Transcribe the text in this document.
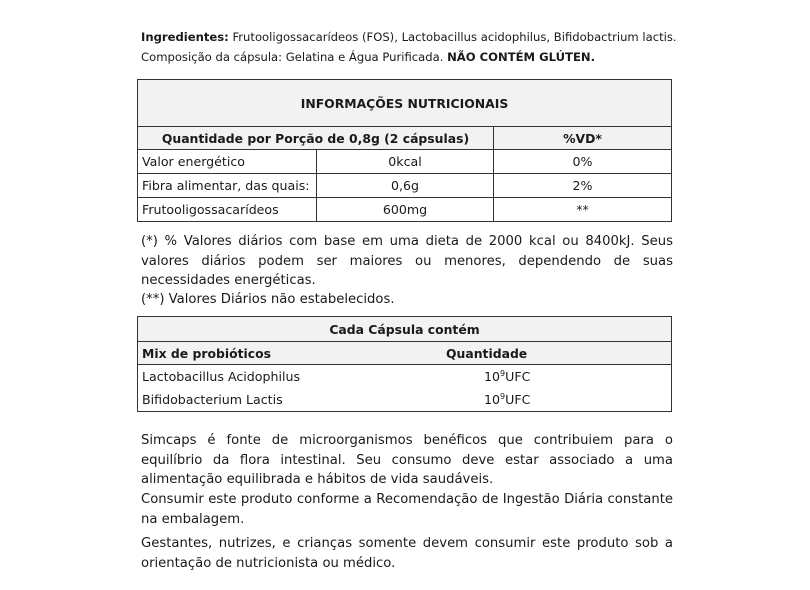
Ingredientes: Frutooligossacarídeos (FOS), Lactobacillus acidophilus, Bifidobactrium lactis.
Composição da cápsula: Gelatina e Água Purificada. NÃO CONTÉM GLÚTEN.
INFORMAÇÕES NUTRICIONAIS		
Quantidade por Porção de 0,8g (2 cápsulas)		%VD*
Valor energético	0kcal	0%
Fibra alimentar, das quais:	0,6g	2%
Frutooligossacarídeos	600mg	**
(*) % Valores diários com base em uma dieta de 2000 kcal ou 8400kJ. Seus valores diários podem ser maiores ou menores, dependendo de suas necessidades energéticas.
(**) Valores Diários não estabelecidos.
Cada Cápsula contém	
Mix de probióticos	Quantidade
Lactobacillus Acidophilus	$10^9UFC$
Bifidobacterium Lactis	$10^9UFC$
Simcaps é fonte de microorganismos benéficos que contribuiem para o equilíbrio da flora intestinal. Seu consumo deve estar associado a uma alimentação equilibrada e hábitos de vida saudáveis.
Consumir este produto conforme a Recomendação de Ingestão Diária constante na embalagem.
Gestantes, nutrizes, e crianças somente devem consumir este produto sob a orientação de nutricionista ou médico.
